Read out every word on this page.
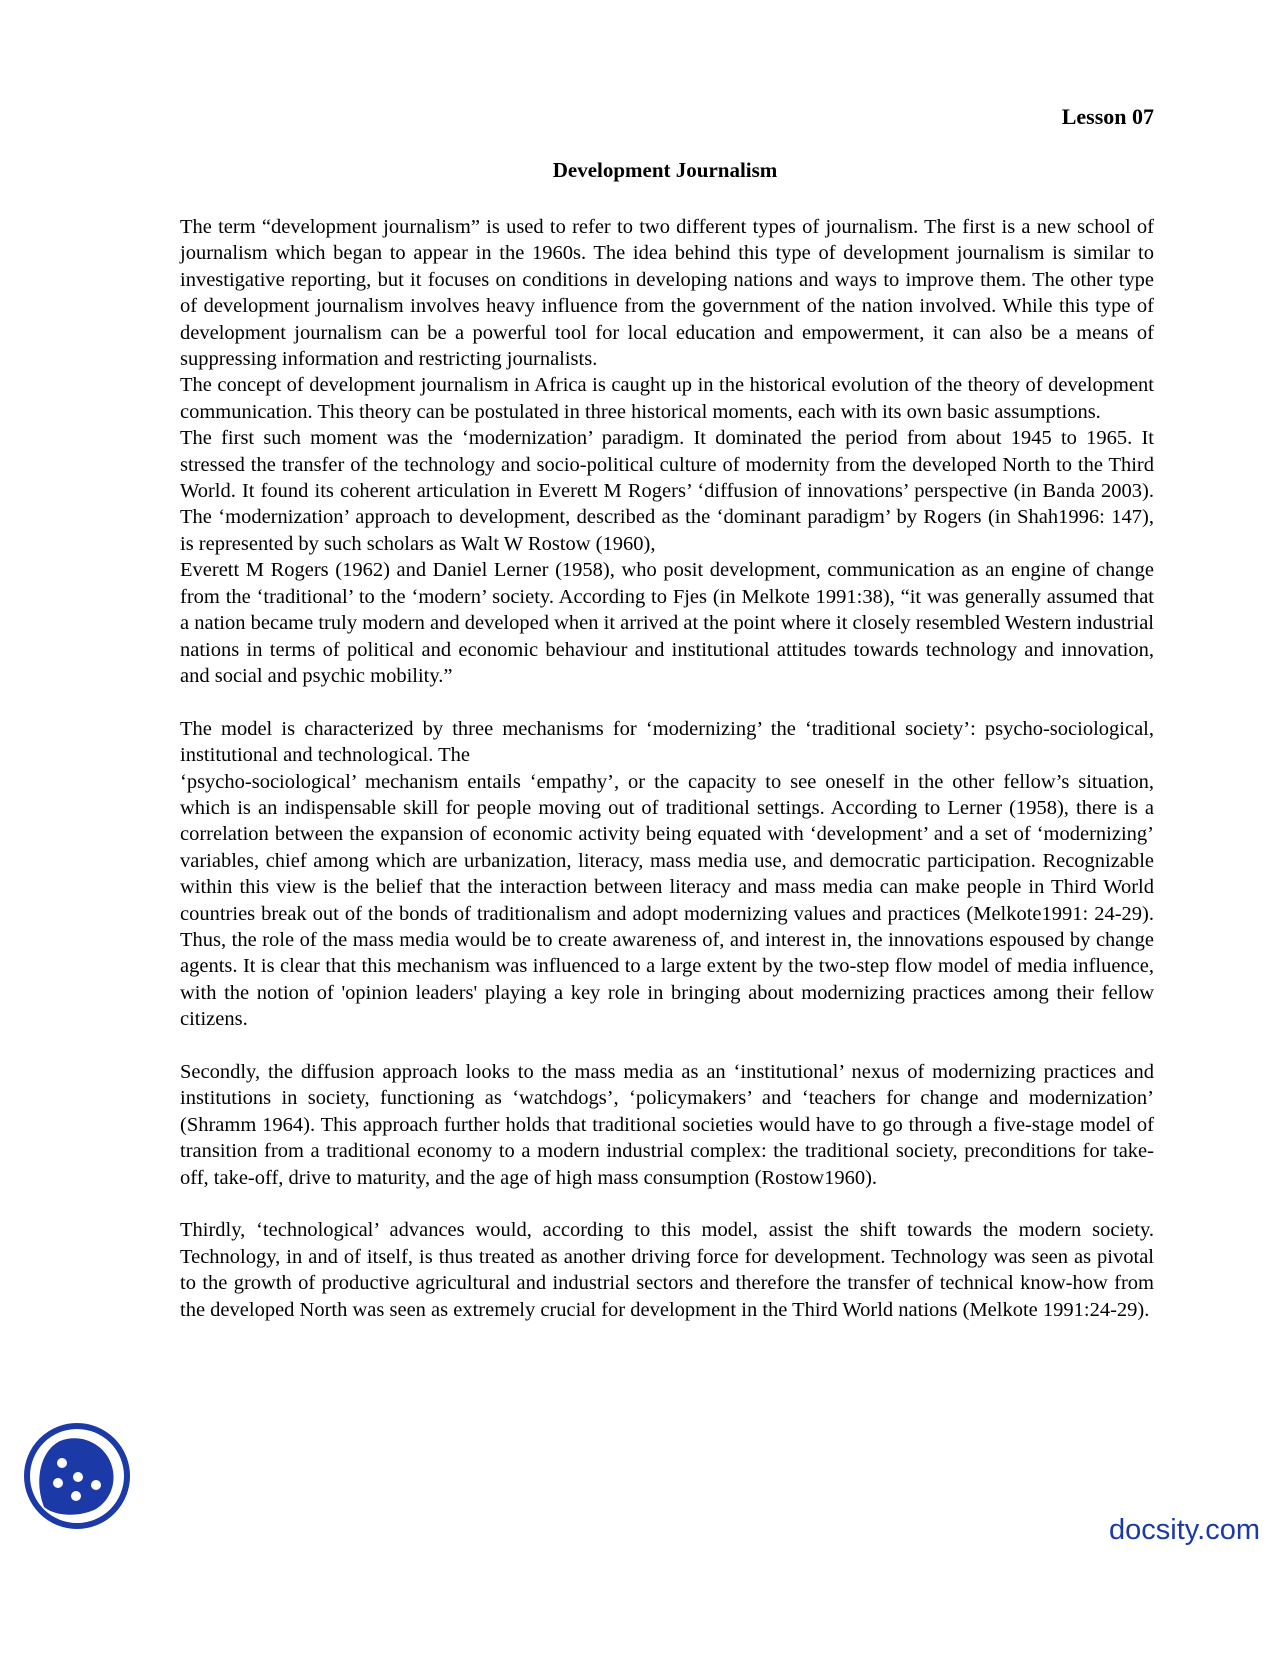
Lesson 07
Development Journalism

The term “development journalism” is used to refer to two different types of journalism. The first is a new school of journalism which began to appear in the 1960s. The idea behind this type of development journalism is similar to investigative reporting, but it focuses on conditions in developing nations and ways to improve them. The other type of development journalism involves heavy influence from the government of the nation involved. While this type of development journalism can be a powerful tool for local education and empowerment, it can also be a means of suppressing information and restricting journalists.

The concept of development journalism in Africa is caught up in the historical evolution of the theory of development communication. This theory can be postulated in three historical moments, each with its own basic assumptions.

The first such moment was the ‘modernization’ paradigm. It dominated the period from about 1945 to 1965. It stressed the transfer of the technology and socio-political culture of modernity from the developed North to the Third World. It found its coherent articulation in Everett M Rogers’ ‘diffusion of innovations’ perspective (in Banda 2003). The ‘modernization’ approach to development, described as the ‘dominant paradigm’ by Rogers (in Shah1996: 147), is represented by such scholars as Walt W Rostow (1960),

Everett M Rogers (1962) and Daniel Lerner (1958), who posit development, communication as an engine of change from the ‘traditional’ to the ‘modern’ society. According to Fjes (in Melkote 1991:38), “it was generally assumed that a nation became truly modern and developed when it arrived at the point where it closely resembled Western industrial nations in terms of political and economic behaviour and institutional attitudes towards technology and innovation, and social and psychic mobility.”

The model is characterized by three mechanisms for ‘modernizing’ the ‘traditional society’: psycho-sociological, institutional and technological. The

‘psycho-sociological’ mechanism entails ‘empathy’, or the capacity to see oneself in the other fellow’s situation, which is an indispensable skill for people moving out of traditional settings. According to Lerner (1958), there is a correlation between the expansion of economic activity being equated with ‘development’ and a set of ‘modernizing’ variables, chief among which are urbanization, literacy, mass media use, and democratic participation. Recognizable within this view is the belief that the interaction between literacy and mass media can make people in Third World countries break out of the bonds of traditionalism and adopt modernizing values and practices (Melkote1991: 24-29). Thus, the role of the mass media would be to create awareness of, and interest in, the innovations espoused by change agents. It is clear that this mechanism was influenced to a large extent by the two-step flow model of media influence, with the notion of 'opinion leaders' playing a key role in bringing about modernizing practices among their fellow citizens.

Secondly, the diffusion approach looks to the mass media as an ‘institutional’ nexus of modernizing practices and institutions in society, functioning as ‘watchdogs’, ‘policymakers’ and ‘teachers for change and modernization’ (Shramm 1964). This approach further holds that traditional societies would have to go through a five-stage model of transition from a traditional economy to a modern industrial complex: the traditional society, preconditions for take-off, take-off, drive to maturity, and the age of high mass consumption (Rostow1960).

Thirdly, ‘technological’ advances would, according to this model, assist the shift towards the modern society. Technology, in and of itself, is thus treated as another driving force for development. Technology was seen as pivotal to the growth of productive agricultural and industrial sectors and therefore the transfer of technical know-how from the developed North was seen as extremely crucial for development in the Third World nations (Melkote 1991:24-29).

docsity.com
